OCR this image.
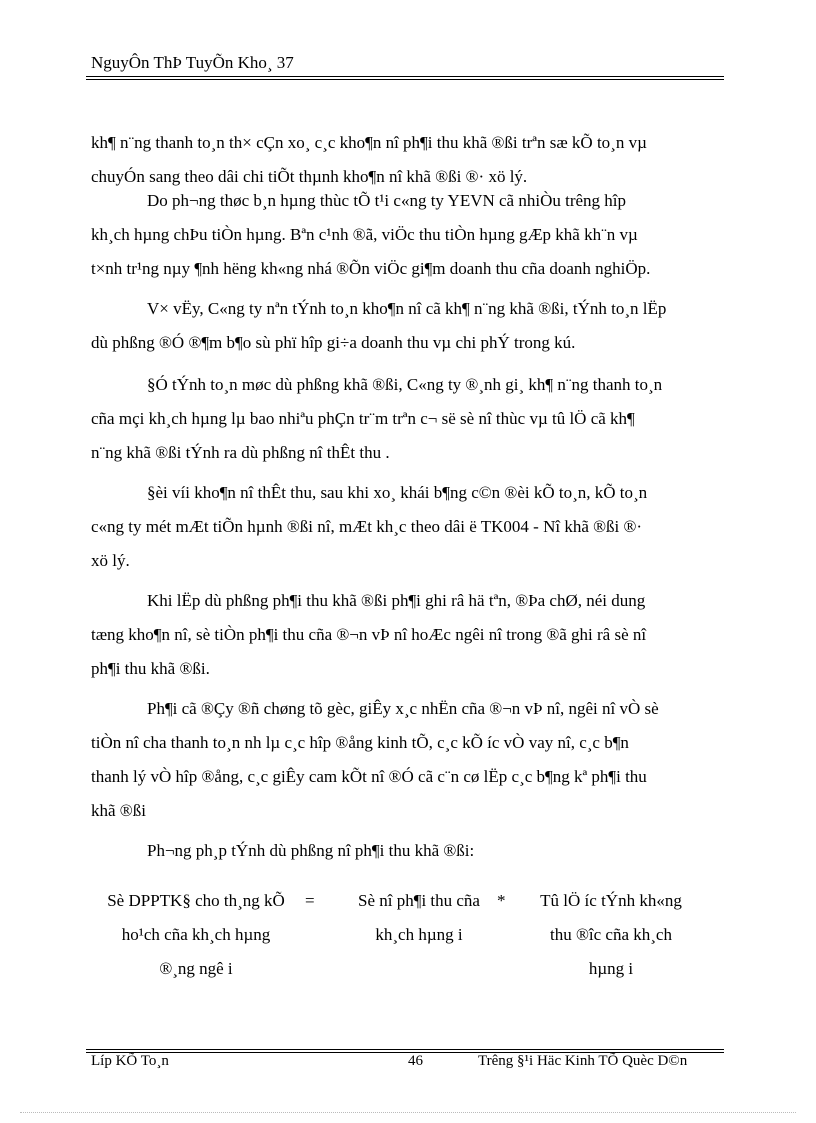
NguyÔn ThÞ TuyÕn Kho¸ 37
kh¶ n¨ng thanh to¸n th× cÇn xo¸ c¸c kho¶n nî ph¶i thu khã ®ßi trªn sæ kÕ to¸n vµ
chuyÓn sang theo dâi chi tiÕt thµnh kho¶n nî khã ®ßi ®· xö lý.
Do ph¬ng thøc b¸n hµng thùc tÕ t¹i c«ng ty YEVN cã nhiÒu trêng hîp
kh¸ch hµng chÞu tiÒn hµng. Bªn c¹nh ®ã, viÖc thu tiÒn hµng gÆp khã kh¨n vµ
t×nh tr¹ng nµy ¶nh hëng kh«ng nhá ®Õn viÖc gi¶m doanh thu cña doanh nghiÖp.
V× vËy, C«ng ty nªn tÝnh to¸n kho¶n nî cã kh¶ n¨ng khã ®ßi, tÝnh to¸n lËp
dù phßng ®Ó ®¶m b¶o sù phï hîp gi÷a doanh thu vµ chi phÝ trong kú.
§Ó tÝnh to¸n møc dù phßng khã ®ßi, C«ng ty ®¸nh gi¸ kh¶ n¨ng thanh to¸n
cña mçi kh¸ch hµng lµ bao nhiªu phÇn tr¨m trªn c¬ së sè nî thùc vµ tû lÖ cã kh¶
n¨ng khã ®ßi tÝnh ra dù phßng nî thÊt thu .
§èi víi kho¶n nî thÊt thu, sau khi xo¸ khái b¶ng c©n ®èi kÕ to¸n, kÕ to¸n
c«ng ty mét mÆt tiÕn hµnh ®ßi nî, mÆt kh¸c theo dâi ë TK004 - Nî khã ®ßi ®·
xö lý.
Khi lËp dù phßng ph¶i thu khã ®ßi ph¶i ghi râ hä tªn, ®Þa chØ, néi dung
tæng kho¶n nî, sè tiÒn ph¶i thu cña ®¬n vÞ nî hoÆc ngêi nî trong ®ã ghi râ sè nî
ph¶i thu khã ®ßi.
Ph¶i cã ®Çy ®ñ chøng tõ gèc, giÊy x¸c nhËn cña ®¬n vÞ nî, ngêi nî vÒ sè
tiÒn nî cha thanh to¸n nh lµ c¸c hîp ®ång kinh tÕ, c¸c kÕ íc vÒ vay nî, c¸c b¶n
thanh lý vÒ hîp ®ång, c¸c giÊy cam kÕt nî ®Ó cã c¨n cø lËp c¸c b¶ng kª ph¶i thu
khã ®ßi
Ph¬ng ph¸p tÝnh dù phßng nî ph¶i thu khã ®ßi:
Sè DPPTK§ cho th¸ng kÕ
ho¹ch cña kh¸ch hµng
®¸ng ngê i
=	Sè nî ph¶i thu cña
kh¸ch hµng i
*	Tû lÖ íc tÝnh kh«ng
thu ®îc cña kh¸ch
hµng i
Líp KÕ To¸n	46	Trêng §¹i Häc Kinh TÕ Quèc D©n
